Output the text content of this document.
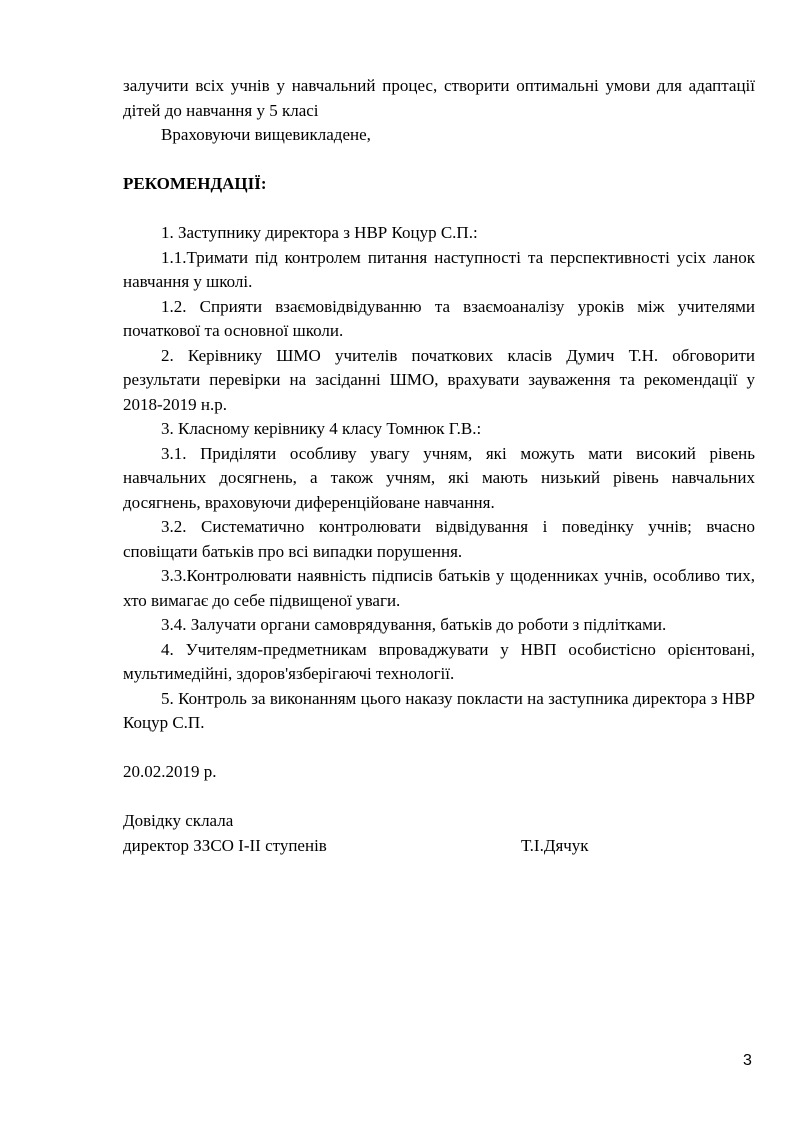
залучити всіх учнів у навчальний процес, створити оптимальні умови для адаптації дітей до навчання у 5 класі

Враховуючи вищевикладене,

РЕКОМЕНДАЦІЇ:

1. Заступнику директора з НВР Коцур С.П.:

1.1.Тримати під контролем питання наступності та перспективності усіх ланок навчання у школі.

1.2. Сприяти взаємовідвідуванню та взаємоаналізу уроків між учителями початкової та основної школи.

2. Керівнику ШМО учителів початкових класів Думич Т.Н. обговорити результати перевірки на засіданні ШМО, врахувати зауваження та рекомендації у 2018-2019 н.р.

3. Класному керівнику 4 класу Томнюк Г.В.:

3.1. Приділяти особливу увагу учням, які можуть мати високий рівень навчальних досягнень, а також учням, які мають низький рівень навчальних досягнень, враховуючи диференційоване навчання.

3.2. Систематично контролювати відвідування і поведінку учнів; вчасно сповіщати батьків про всі випадки порушення.

3.3.Контролювати наявність підписів батьків у щоденниках учнів, особливо тих, хто вимагає до себе підвищеної уваги.

3.4. Залучати органи самоврядування, батьків до роботи з підлітками.

4. Учителям-предметникам впроваджувати у НВП особистісно орієнтовані, мультимедійні, здоров'язберігаючі технології.

5. Контроль за виконанням цього наказу покласти на заступника директора з НВР Коцур С.П.

20.02.2019 р.

Довідку склала
директор ЗЗСО І-ІІ ступенів	Т.І.Дячук
3
